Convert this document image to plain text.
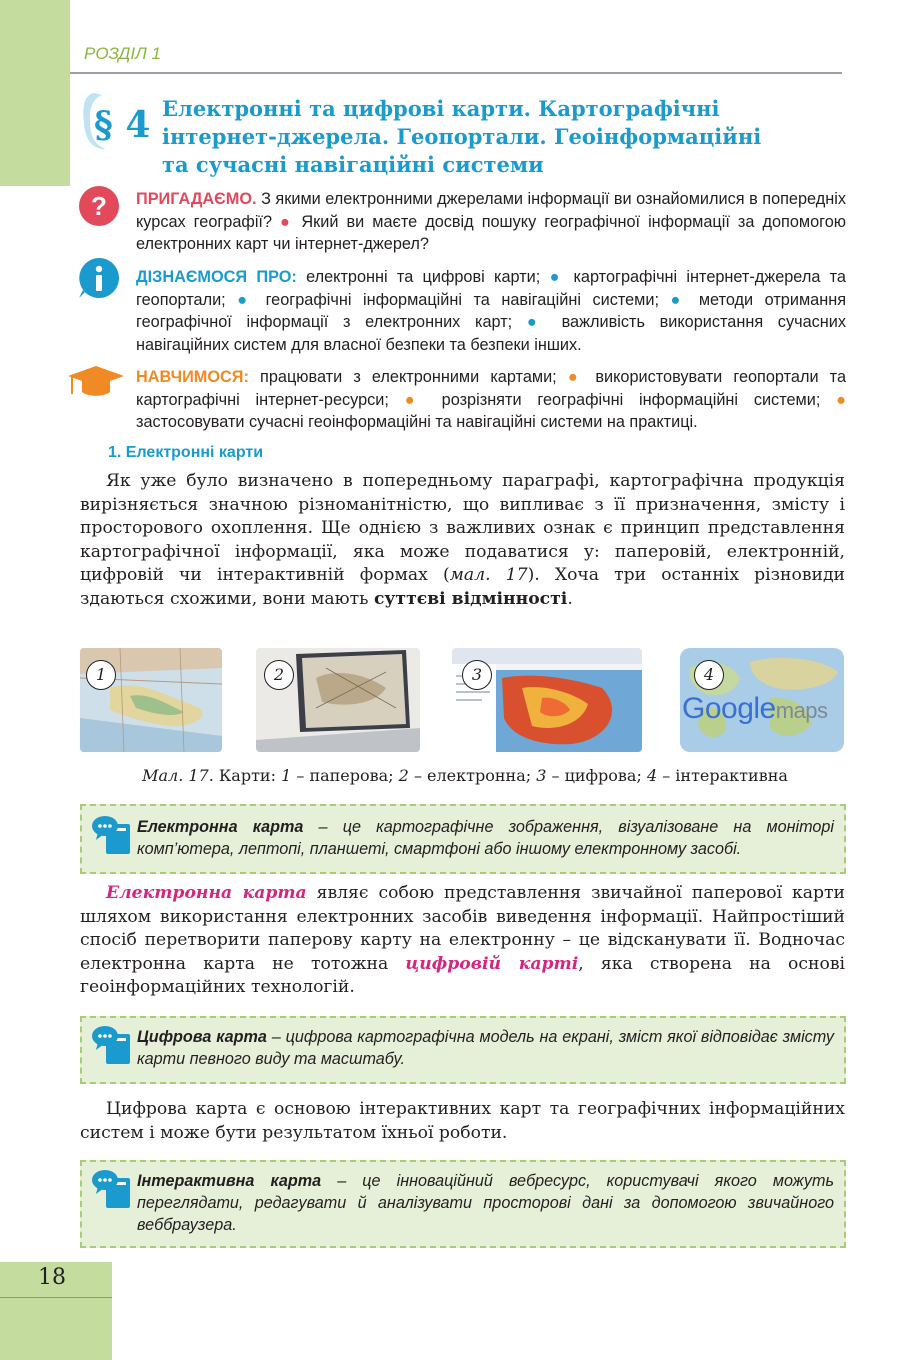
РОЗДІЛ 1
§ 4 Електронні та цифрові карти. Картографічні
інтернет-джерела. Геопортали. Геоінформаційні
та сучасні навігаційні системи
? ПРИГАДАЄМО. З якими електронними джерелами інформації ви ознайомилися в попередніх курсах географії? ● Який ви маєте досвід пошуку географічної інформації за допомогою електронних карт чи інтернет-джерел?
ДІЗНАЄМОСЯ ПРО: електронні та цифрові карти; ● картографічні інтернет-джерела та геопортали; ● географічні інформаційні та навігаційні системи; ● методи отримання географічної інформації з електронних карт; ● важливість використання сучасних навігаційних систем для власної безпеки та безпеки інших.
НАВЧИМОСЯ: працювати з електронними картами; ● використовувати геопортали та картографічні інтернет-ресурси; ● розрізняти географічні інформаційні системи; ● застосовувати сучасні геоінформаційні та навігаційні системи на практиці.
1. Електронні карти

Як уже було визначено в попередньому параграфі, картографічна продукція вирізняється значною різноманітністю, що випливає з її призначення, змісту і просторового охоплення. Ще однією з важливих ознак є принцип представлення картографічної інформації, яка може подаватися у: паперовій, електронній, цифровій чи інтерактивній формах (мал. 17). Хоча три останніх різновиди здаються схожими, вони мають суттєві відмінності.

1	2	3	4
Googlemaps
Мал. 17. Карти: 1 – паперова; 2 – електронна; 3 – цифрова; 4 – інтерактивна
Електронна карта – це картографічне зображення, візуалізоване на моніторі комп’ютера, лептопі, планшеті, смартфоні або іншому електронному засобі.

Електронна карта являє собою представлення звичайної паперової карти шляхом використання електронних засобів виведення інформації. Найпростіший спосіб перетворити паперову карту на електронну – це відсканувати її. Водночас електронна карта не тотожна цифровій карті, яка створена на основі геоінформаційних технологій.

Цифрова карта – цифрова картографічна модель на екрані, зміст якої відповідає змісту карти певного виду та масштабу.

Цифрова карта є основою інтерактивних карт та географічних інформаційних систем і може бути результатом їхньої роботи.

Інтерактивна карта – це інноваційний вебресурс, користувачі якого можуть переглядати, редагувати й аналізувати просторові дані за допомогою звичайного веббраузера.
18
